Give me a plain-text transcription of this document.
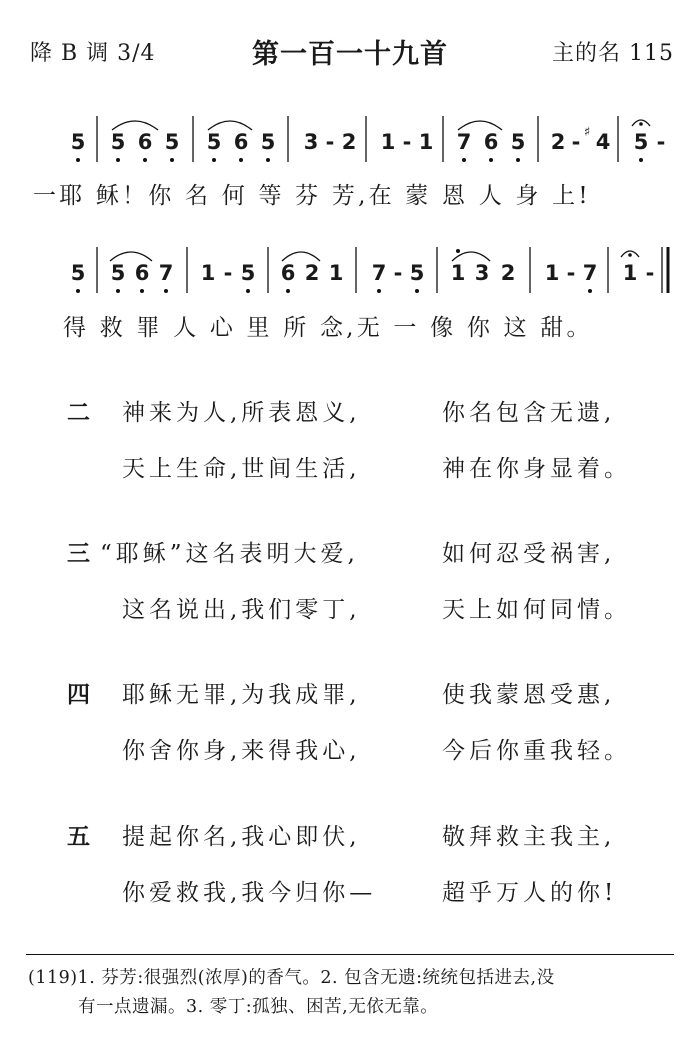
降 B 调 3/4	第一百一十九首	主的名 115
5 5 6 5 5 6 5 3 - 2 1 - 1 7 6 5 2 - ♯ 4 5 -
一耶 稣！你 名 何 等 芬 芳,在 蒙 恩 人 身 上!
5 5 6 7 1 - 5 6 2 1 7 - 5 1 3 2 1 - 7 1 -
得 救 罪 人 心 里 所 念,无 一 像 你 这 甜。
二 神来为人,所表恩义,	你名包含无遗,
天上生命,世间生活,	神在你身显着。
三 “耶稣”这名表明大爱,	如何忍受祸害,
这名说出,我们零丁,	天上如何同情。
四 耶稣无罪,为我成罪,	使我蒙恩受惠,
你舍你身,来得我心,	今后你重我轻。
五 提起你名,我心即伏,	敬拜救主我主,
你爱救我,我今归你—	超乎万人的你!
(119)1. 芬芳:很强烈(浓厚)的香气。2. 包含无遗:统统包括进去,没
有一点遗漏。3. 零丁:孤独、困苦,无依无靠。
